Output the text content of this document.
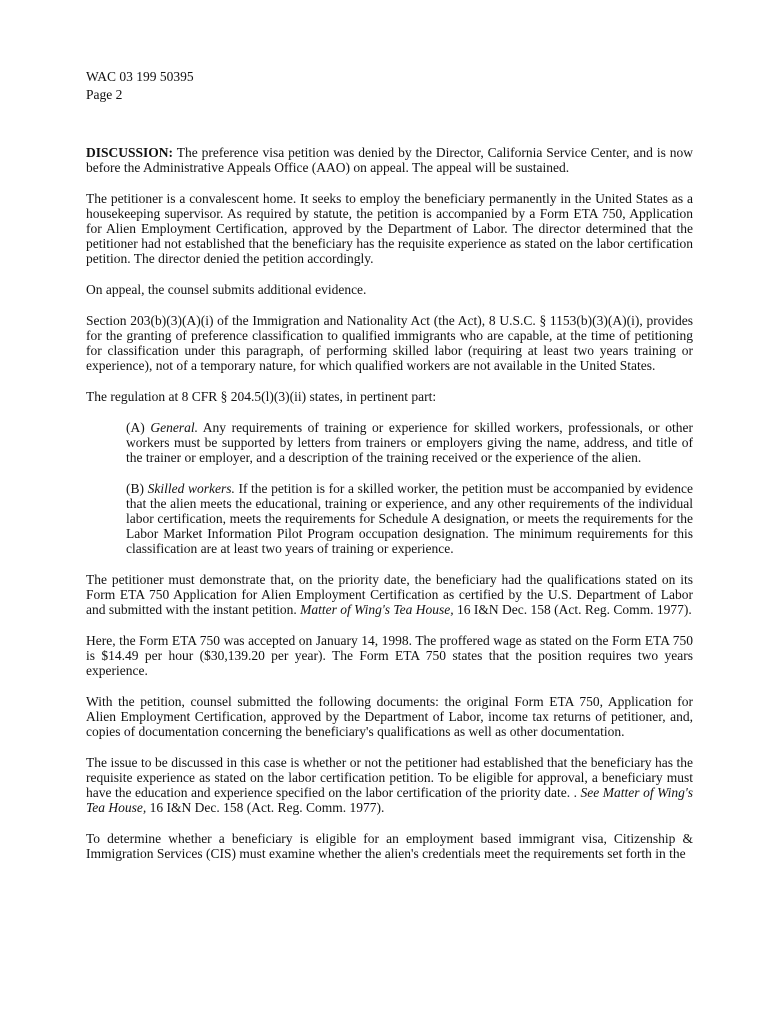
WAC 03 199 50395
Page 2

DISCUSSION: The preference visa petition was denied by the Director, California Service Center, and is now before the Administrative Appeals Office (AAO) on appeal. The appeal will be sustained.

The petitioner is a convalescent home. It seeks to employ the beneficiary permanently in the United States as a housekeeping supervisor. As required by statute, the petition is accompanied by a Form ETA 750, Application for Alien Employment Certification, approved by the Department of Labor. The director determined that the petitioner had not established that the beneficiary has the requisite experience as stated on the labor certification petition. The director denied the petition accordingly.

On appeal, the counsel submits additional evidence.

Section 203(b)(3)(A)(i) of the Immigration and Nationality Act (the Act), 8 U.S.C. § 1153(b)(3)(A)(i), provides for the granting of preference classification to qualified immigrants who are capable, at the time of petitioning for classification under this paragraph, of performing skilled labor (requiring at least two years training or experience), not of a temporary nature, for which qualified workers are not available in the United States.

The regulation at 8 CFR § 204.5(l)(3)(ii) states, in pertinent part:

(A) General. Any requirements of training or experience for skilled workers, professionals, or other workers must be supported by letters from trainers or employers giving the name, address, and title of the trainer or employer, and a description of the training received or the experience of the alien.

(B) Skilled workers. If the petition is for a skilled worker, the petition must be accompanied by evidence that the alien meets the educational, training or experience, and any other requirements of the individual labor certification, meets the requirements for Schedule A designation, or meets the requirements for the Labor Market Information Pilot Program occupation designation. The minimum requirements for this classification are at least two years of training or experience.

The petitioner must demonstrate that, on the priority date, the beneficiary had the qualifications stated on its Form ETA 750 Application for Alien Employment Certification as certified by the U.S. Department of Labor and submitted with the instant petition. Matter of Wing's Tea House, 16 I&N Dec. 158 (Act. Reg. Comm. 1977).

Here, the Form ETA 750 was accepted on January 14, 1998. The proffered wage as stated on the Form ETA 750 is $14.49 per hour ($30,139.20 per year). The Form ETA 750 states that the position requires two years experience.

With the petition, counsel submitted the following documents: the original Form ETA 750, Application for Alien Employment Certification, approved by the Department of Labor, income tax returns of petitioner, and, copies of documentation concerning the beneficiary's qualifications as well as other documentation.

The issue to be discussed in this case is whether or not the petitioner had established that the beneficiary has the requisite experience as stated on the labor certification petition. To be eligible for approval, a beneficiary must have the education and experience specified on the labor certification of the priority date. . See Matter of Wing's Tea House, 16 I&N Dec. 158 (Act. Reg. Comm. 1977).

To determine whether a beneficiary is eligible for an employment based immigrant visa, Citizenship & Immigration Services (CIS) must examine whether the alien's credentials meet the requirements set forth in the
